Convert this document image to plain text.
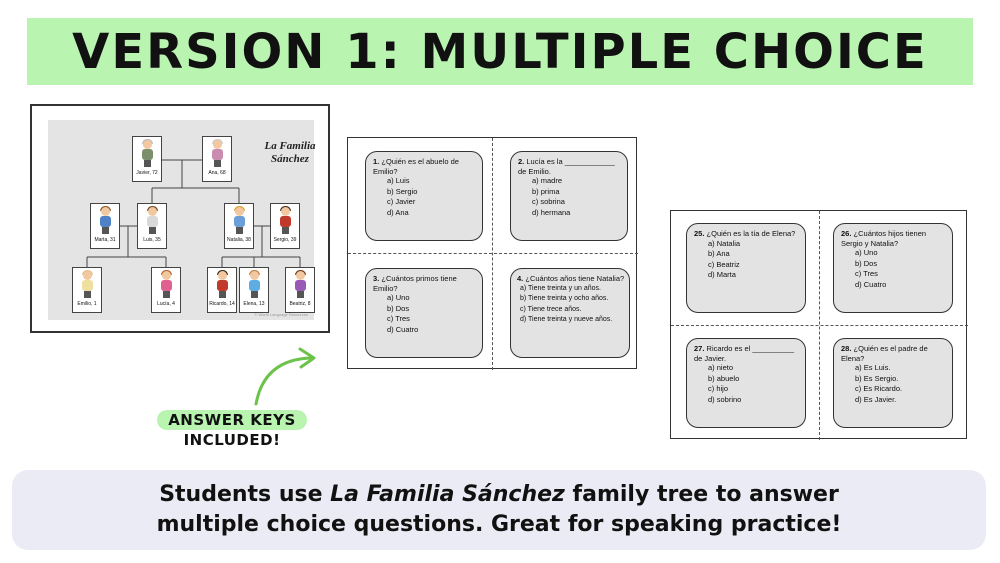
VERSION 1: MULTIPLE CHOICE
Javier, 72	Ana, 68
Marta, 31	Luis, 35	Natalia, 38	Sergio, 39
Emilio, 1	Lucía, 4	Ricardo, 14 Elena, 13	Beatriz, 8
La Familia
Sánchez
© World Language Resources
1. ¿Quién es el abuelo de Emilio?
a) Luis
b) Sergio
c) Javier
d) Ana
2. Lucía es la ____________ de Emilio.
a) madre
b) prima
c) sobrina
d) hermana
3. ¿Cuántos primos tiene Emilio?
a) Uno
b) Dos
c) Tres
d) Cuatro
4. ¿Cuántos años tiene Natalia?
a) Tiene treinta y un años.
b) Tiene treinta y ocho años.
c) Tiene trece años.
d) Tiene treinta y nueve años.
25. ¿Quién es la tía de Elena?
a) Natalia
b) Ana
c) Beatriz
d) Marta
26. ¿Cuántos hijos tienen Sergio y Natalia?
a) Uno
b) Dos
c) Tres
d) Cuatro
27. Ricardo es el __________ de Javier.
a) nieto
b) abuelo
c) hijo
d) sobrino
28. ¿Quién es el padre de Elena?
a) Es Luis.
b) Es Sergio.
c) Es Ricardo.
d) Es Javier.
ANSWER KEYS
INCLUDED!
Students use La Familia Sánchez family tree to answer
multiple choice questions. Great for speaking practice!
